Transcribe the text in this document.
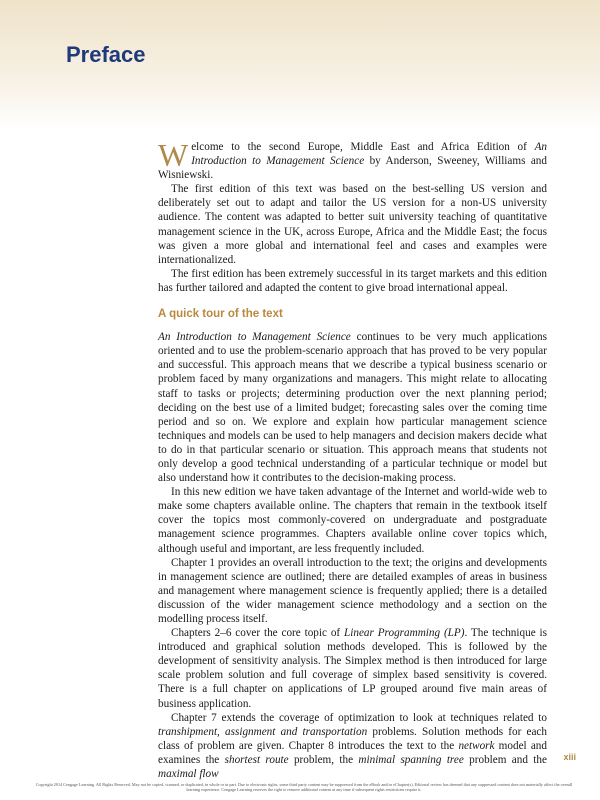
Preface

Welcome to the second Europe, Middle East and Africa Edition of An Introduction to Management Science by Anderson, Sweeney, Williams and Wisniewski.

The first edition of this text was based on the best-selling US version and deliberately set out to adapt and tailor the US version for a non-US university audience. The content was adapted to better suit university teaching of quantitative management science in the UK, across Europe, Africa and the Middle East; the focus was given a more global and international feel and cases and examples were internationalized.

The first edition has been extremely successful in its target markets and this edition has further tailored and adapted the content to give broad international appeal.

A quick tour of the text

An Introduction to Management Science continues to be very much applications oriented and to use the problem-scenario approach that has proved to be very popular and successful. This approach means that we describe a typical business scenario or problem faced by many organizations and managers. This might relate to allocating staff to tasks or projects; determining production over the next planning period; deciding on the best use of a limited budget; forecasting sales over the coming time period and so on. We explore and explain how particular management science techniques and models can be used to help managers and decision makers decide what to do in that particular scenario or situation. This approach means that students not only develop a good technical understanding of a particular technique or model but also understand how it contributes to the decision-making process.

In this new edition we have taken advantage of the Internet and world-wide web to make some chapters available online. The chapters that remain in the textbook itself cover the topics most commonly-covered on undergraduate and postgraduate management science programmes. Chapters available online cover topics which, although useful and important, are less frequently included.

Chapter 1 provides an overall introduction to the text; the origins and developments in management science are outlined; there are detailed examples of areas in business and management where management science is frequently applied; there is a detailed discussion of the wider management science methodology and a section on the modelling process itself.

Chapters 2–6 cover the core topic of Linear Programming (LP). The technique is introduced and graphical solution methods developed. This is followed by the development of sensitivity analysis. The Simplex method is then introduced for large scale problem solution and full coverage of simplex based sensitivity is covered. There is a full chapter on applications of LP grouped around five main areas of business application.

Chapter 7 extends the coverage of optimization to look at techniques related to transhipment, assignment and transportation problems. Solution methods for each class of problem are given. Chapter 8 introduces the text to the network model and examines the shortest route problem, the minimal spanning tree problem and the maximal flow

xiii
Copyright 2014 Cengage Learning. All Rights Reserved. May not be copied, scanned, or duplicated, in whole or in part. Due to electronic rights, some third party content may be suppressed from the eBook and/or eChapter(s). Editorial review has deemed that any suppressed content does not materially affect the overall learning experience. Cengage Learning reserves the right to remove additional content at any time if subsequent rights restrictions require it.
